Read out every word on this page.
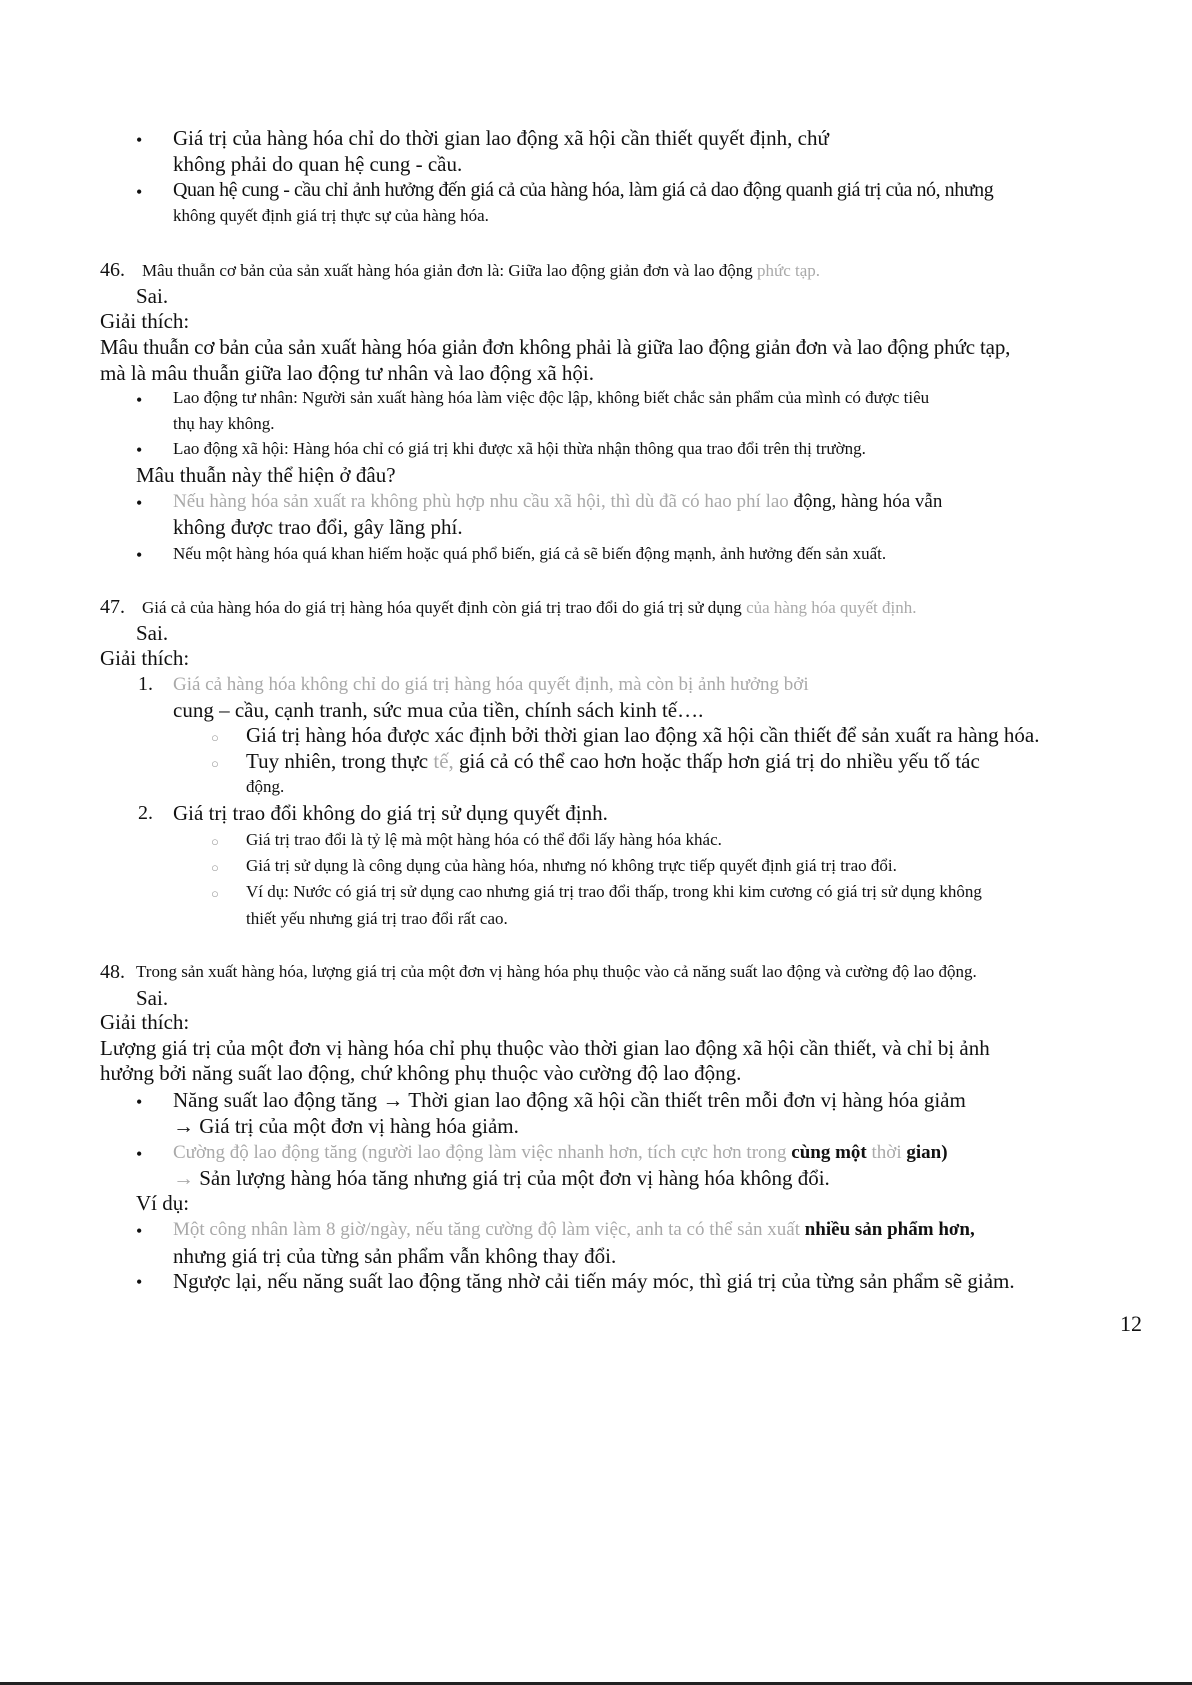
• Giá trị của hàng hóa chỉ do thời gian lao động xã hội cần thiết quyết định, chứ
không phải do quan hệ cung - cầu.
• Quan hệ cung - cầu chỉ ảnh hưởng đến giá cả của hàng hóa, làm giá cả dao động quanh giá trị của nó, nhưng
không quyết định giá trị thực sự của hàng hóa.
46. Mâu thuẫn cơ bản của sản xuất hàng hóa giản đơn là: Giữa lao động giản đơn và lao động phức tạp.
Sai.
Giải thích:
Mâu thuẫn cơ bản của sản xuất hàng hóa giản đơn không phải là giữa lao động giản đơn và lao động phức tạp,
mà là mâu thuẫn giữa lao động tư nhân và lao động xã hội.
• Lao động tư nhân: Người sản xuất hàng hóa làm việc độc lập, không biết chắc sản phẩm của mình có được tiêu
thụ hay không.
• Lao động xã hội: Hàng hóa chỉ có giá trị khi được xã hội thừa nhận thông qua trao đổi trên thị trường.
Mâu thuẫn này thể hiện ở đâu?
• Nếu hàng hóa sản xuất ra không phù hợp nhu cầu xã hội, thì dù đã có hao phí lao động, hàng hóa vẫn
không được trao đổi, gây lãng phí.
• Nếu một hàng hóa quá khan hiếm hoặc quá phổ biến, giá cả sẽ biến động mạnh, ảnh hưởng đến sản xuất.
47. Giá cả của hàng hóa do giá trị hàng hóa quyết định còn giá trị trao đổi do giá trị sử dụng của hàng hóa quyết định.
Sai.
Giải thích:
1. Giá cả hàng hóa không chỉ do giá trị hàng hóa quyết định, mà còn bị ảnh hưởng bởi
cung – cầu, cạnh tranh, sức mua của tiền, chính sách kinh tế….
○ Giá trị hàng hóa được xác định bởi thời gian lao động xã hội cần thiết để sản xuất ra hàng hóa.
○ Tuy nhiên, trong thực tế, giá cả có thể cao hơn hoặc thấp hơn giá trị do nhiều yếu tố tác
động.
2. Giá trị trao đổi không do giá trị sử dụng quyết định.
○ Giá trị trao đổi là tỷ lệ mà một hàng hóa có thể đổi lấy hàng hóa khác.
○ Giá trị sử dụng là công dụng của hàng hóa, nhưng nó không trực tiếp quyết định giá trị trao đổi.
○ Ví dụ: Nước có giá trị sử dụng cao nhưng giá trị trao đổi thấp, trong khi kim cương có giá trị sử dụng không
thiết yếu nhưng giá trị trao đổi rất cao.
48. Trong sản xuất hàng hóa, lượng giá trị của một đơn vị hàng hóa phụ thuộc vào cả năng suất lao động và cường độ lao động.
Sai.
Giải thích:
Lượng giá trị của một đơn vị hàng hóa chỉ phụ thuộc vào thời gian lao động xã hội cần thiết, và chỉ bị ảnh
hưởng bởi năng suất lao động, chứ không phụ thuộc vào cường độ lao động.
• Năng suất lao động tăng → Thời gian lao động xã hội cần thiết trên mỗi đơn vị hàng hóa giảm
→ Giá trị của một đơn vị hàng hóa giảm.
• Cường độ lao động tăng (người lao động làm việc nhanh hơn, tích cực hơn trong cùng một thời gian)
→ Sản lượng hàng hóa tăng nhưng giá trị của một đơn vị hàng hóa không đổi.
Ví dụ:
• Một công nhân làm 8 giờ/ngày, nếu tăng cường độ làm việc, anh ta có thể sản xuất nhiều sản phẩm hơn,
nhưng giá trị của từng sản phẩm vẫn không thay đổi.
• Ngược lại, nếu năng suất lao động tăng nhờ cải tiến máy móc, thì giá trị của từng sản phẩm sẽ giảm.
12
